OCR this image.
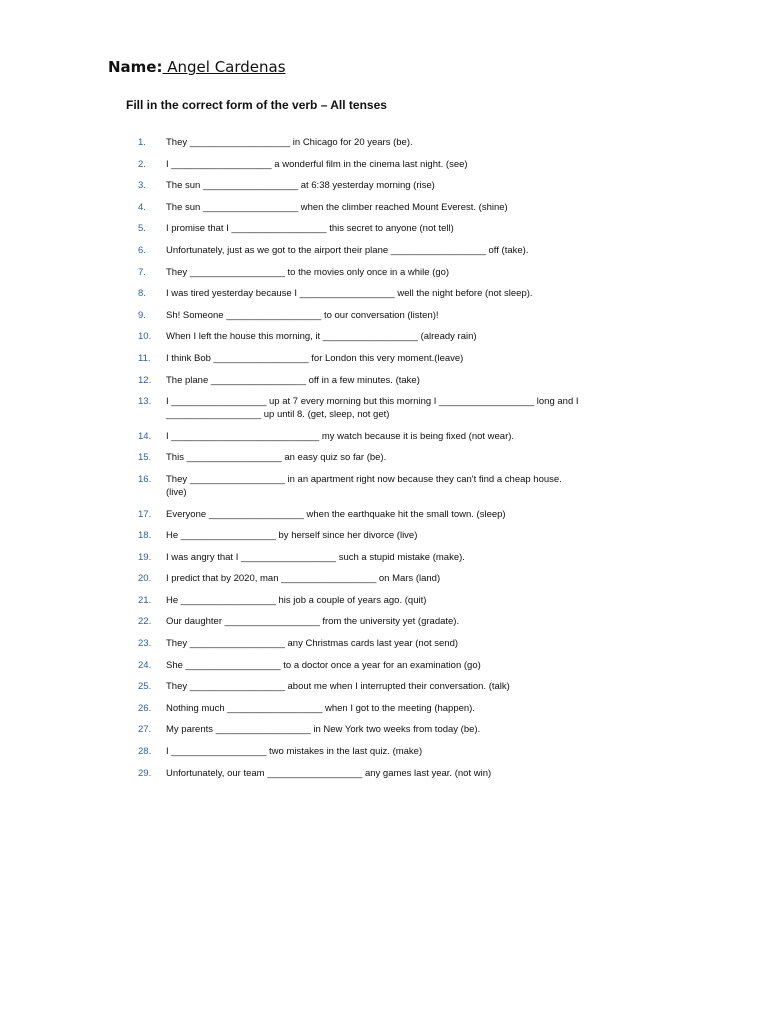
Name: Angel Cardenas
Fill in the correct form of the verb – All tenses
1.	They ___________________ in Chicago for 20 years (be).
2.	I ___________________ a wonderful film in the cinema last night. (see)
3.	The sun __________________ at 6:38 yesterday morning (rise)
4.	The sun __________________ when the climber reached Mount Everest. (shine)
5.	I promise that I __________________ this secret to anyone (not tell)
6.	Unfortunately, just as we got to the airport their plane __________________ off (take).
7.	They __________________ to the movies only once in a while (go)
8.	I was tired yesterday because I __________________ well the night before (not sleep).
9.	Sh! Someone __________________ to our conversation (listen)!
10.	When I left the house this morning, it __________________ (already rain)
11.	I think Bob __________________ for London this very moment.(leave)
12.	The plane __________________ off in a few minutes. (take)
13.	I __________________ up at 7 every morning but this morning I __________________ long and I
__________________ up until 8. (get, sleep, not get)
14.	I ____________________________ my watch because it is being fixed (not wear).
15.	This __________________ an easy quiz so far (be).
16.	They __________________ in an apartment right now because they can't find a cheap house.
(live)
17.	Everyone __________________ when the earthquake hit the small town. (sleep)
18.	He __________________ by herself since her divorce (live)
19.	I was angry that I __________________ such a stupid mistake (make).
20.	I predict that by 2020, man __________________ on Mars (land)
21.	He __________________ his job a couple of years ago. (quit)
22.	Our daughter __________________ from the university yet (gradate).
23.	They __________________ any Christmas cards last year (not send)
24.	She __________________ to a doctor once a year for an examination (go)
25.	They __________________ about me when I interrupted their conversation. (talk)
26.	Nothing much __________________ when I got to the meeting (happen).
27.	My parents __________________ in New York two weeks from today (be).
28.	I __________________ two mistakes in the last quiz. (make)
29.	Unfortunately, our team __________________ any games last year. (not win)
